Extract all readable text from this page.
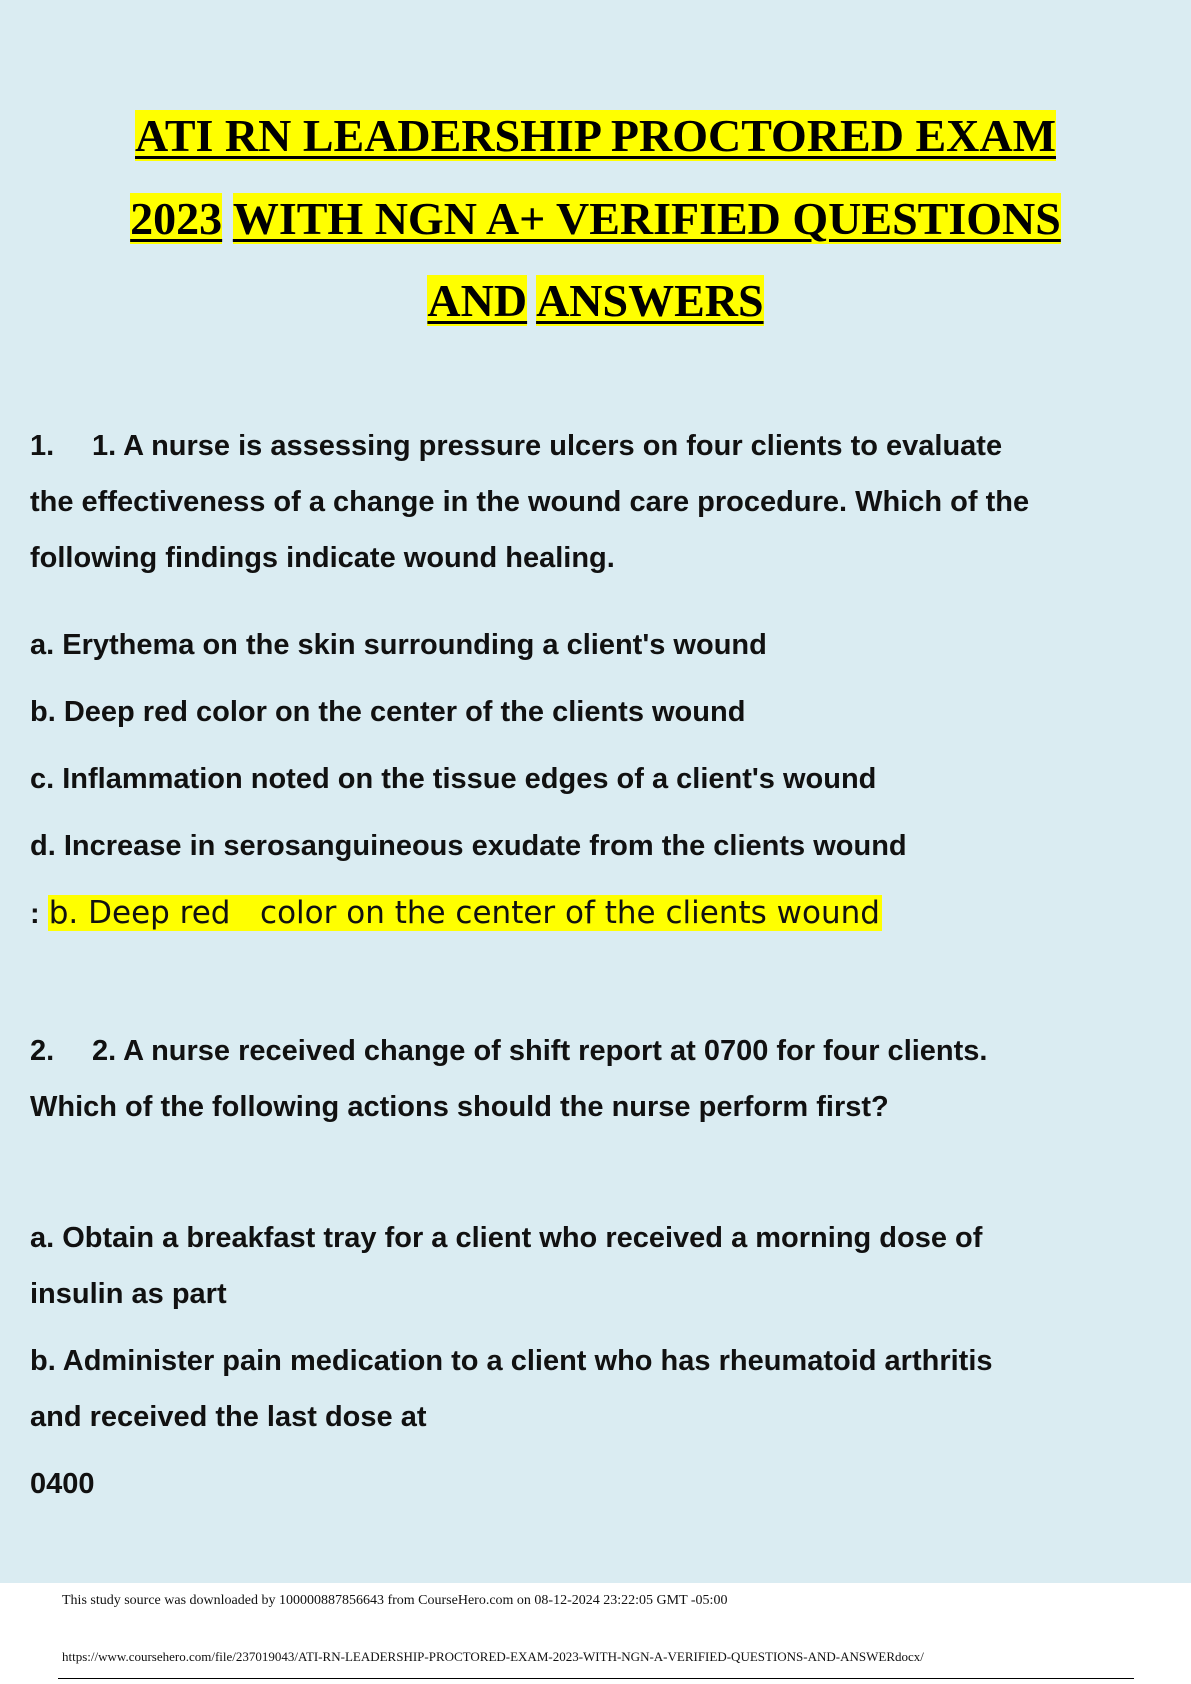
ATI RN LEADERSHIP PROCTORED EXAM
2023 WITH NGN A+ VERIFIED QUESTIONS
AND ANSWERS
1. 1. A nurse is assessing pressure ulcers on four clients to evaluate
the effectiveness of a change in the wound care procedure. Which of the
following findings indicate wound healing.
a. Erythema on the skin surrounding a client's wound
b. Deep red color on the center of the clients wound
c. Inflammation noted on the tissue edges of a client's wound
d. Increase in serosanguineous exudate from the clients wound
: b. Deep red   color on the center of the clients wound
2. 2. A nurse received change of shift report at 0700 for four clients.
Which of the following actions should the nurse perform first?
a. Obtain a breakfast tray for a client who received a morning dose of
insulin as part
b. Administer pain medication to a client who has rheumatoid arthritis
and received the last dose at
0400
This study source was downloaded by 100000887856643 from CourseHero.com on 08-12-2024 23:22:05 GMT -05:00
https://www.coursehero.com/file/237019043/ATI-RN-LEADERSHIP-PROCTORED-EXAM-2023-WITH-NGN-A-VERIFIED-QUESTIONS-AND-ANSWERdocx/
